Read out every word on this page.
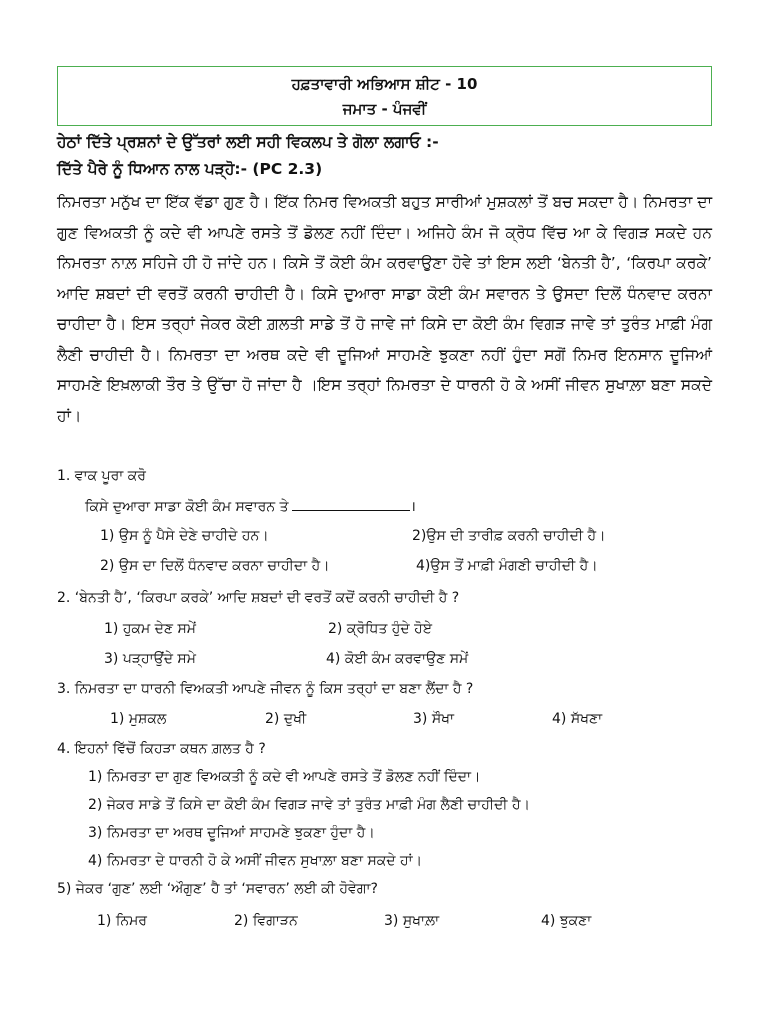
ਹਫ਼ਤਾਵਾਰੀ ਅਭਿਆਸ ਸ਼ੀਟ - 10
ਜਮਾਤ - ਪੰਜਵੀਂ
ਹੇਠਾਂ ਦਿੱਤੇ ਪ੍ਰਸ਼ਨਾਂ ਦੇ ਉੱਤਰਾਂ ਲਈ ਸਹੀ ਵਿਕਲਪ ਤੇ ਗੋਲਾ ਲਗਾਓ :-
ਦਿੱਤੇ ਪੈਰੇ ਨੂੰ ਧਿਆਨ ਨਾਲ ਪੜ੍ਹੋ:- (PC 2.3)
ਨਿਮਰਤਾ ਮਨੁੱਖ ਦਾ ਇੱਕ ਵੱਡਾ ਗੁਣ ਹੈ। ਇੱਕ ਨਿਮਰ ਵਿਅਕਤੀ ਬਹੁਤ ਸਾਰੀਆਂ ਮੁਸ਼ਕਲਾਂ ਤੋਂ ਬਚ ਸਕਦਾ ਹੈ। ਨਿਮਰਤਾ ਦਾ ਗੁਣ ਵਿਅਕਤੀ ਨੂੰ ਕਦੇ ਵੀ ਆਪਣੇ ਰਸਤੇ ਤੋਂ ਡੋਲਣ ਨਹੀਂ ਦਿੰਦਾ। ਅਜਿਹੇ ਕੰਮ ਜੋ ਕ੍ਰੋਧ ਵਿੱਚ ਆ ਕੇ ਵਿਗੜ ਸਕਦੇ ਹਨ ਨਿਮਰਤਾ ਨਾਲ਼ ਸਹਿਜੇ ਹੀ ਹੋ ਜਾਂਦੇ ਹਨ। ਕਿਸੇ ਤੋਂ ਕੋਈ ਕੰਮ ਕਰਵਾਉਣਾ ਹੋਵੇ ਤਾਂ ਇਸ ਲਈ ‘ਬੇਨਤੀ ਹੈ’, ‘ਕਿਰਪਾ ਕਰਕੇ’ ਆਦਿ ਸ਼ਬਦਾਂ ਦੀ ਵਰਤੋਂ ਕਰਨੀ ਚਾਹੀਦੀ ਹੈ। ਕਿਸੇ ਦੁਆਰਾ ਸਾਡਾ ਕੋਈ ਕੰਮ ਸਵਾਰਨ ਤੇ ਉਸਦਾ ਦਿਲੋਂ ਧੰਨਵਾਦ ਕਰਨਾ ਚਾਹੀਦਾ ਹੈ। ਇਸ ਤਰ੍ਹਾਂ ਜੇਕਰ ਕੋਈ ਗ਼ਲਤੀ ਸਾਡੇ ਤੋਂ ਹੋ ਜਾਵੇ ਜਾਂ ਕਿਸੇ ਦਾ ਕੋਈ ਕੰਮ ਵਿਗੜ ਜਾਵੇ ਤਾਂ ਤੁਰੰਤ ਮਾਫ਼ੀ ਮੰਗ ਲੈਣੀ ਚਾਹੀਦੀ ਹੈ। ਨਿਮਰਤਾ ਦਾ ਅਰਥ ਕਦੇ ਵੀ ਦੂਜਿਆਂ ਸਾਹਮਣੇ ਝੁਕਣਾ ਨਹੀਂ ਹੁੰਦਾ ਸਗੋਂ ਨਿਮਰ ਇਨਸਾਨ ਦੂਜਿਆਂ ਸਾਹਮਣੇ ਇਖ਼ਲਾਕੀ ਤੌਰ ਤੇ ਉੱਚਾ ਹੋ ਜਾਂਦਾ ਹੈ ।ਇਸ ਤਰ੍ਹਾਂ ਨਿਮਰਤਾ ਦੇ ਧਾਰਨੀ ਹੋ ਕੇ ਅਸੀਂ ਜੀਵਨ ਸੁਖਾਲ਼ਾ ਬਣਾ ਸਕਦੇ ਹਾਂ।
1. ਵਾਕ ਪੂਰਾ ਕਰੋ
ਕਿਸੇ ਦੁਆਰਾ ਸਾਡਾ ਕੋਈ ਕੰਮ ਸਵਾਰਨ ਤੇ	।
1) ਉਸ ਨੂੰ ਪੈਸੇ ਦੇਣੇ ਚਾਹੀਦੇ ਹਨ।	2)ਉਸ ਦੀ ਤਾਰੀਫ਼ ਕਰਨੀ ਚਾਹੀਦੀ ਹੈ।
2) ਉਸ ਦਾ ਦਿਲੋਂ ਧੰਨਵਾਦ ਕਰਨਾ ਚਾਹੀਦਾ ਹੈ।	4)ਉਸ ਤੋਂ ਮਾਫ਼ੀ ਮੰਗਣੀ ਚਾਹੀਦੀ ਹੈ।
2. ‘ਬੇਨਤੀ ਹੈ’, ‘ਕਿਰਪਾ ਕਰਕੇ’ ਆਦਿ ਸ਼ਬਦਾਂ ਦੀ ਵਰਤੋਂ ਕਦੋਂ ਕਰਨੀ ਚਾਹੀਦੀ ਹੈ ?
1) ਹੁਕਮ ਦੇਣ ਸਮੇਂ	2) ਕ੍ਰੋਧਿਤ ਹੁੰਦੇ ਹੋਏ
3) ਪੜ੍ਹਾਉਂਦੇ ਸਮੇ	4) ਕੋਈ ਕੰਮ ਕਰਵਾਉਣ ਸਮੇਂ
3. ਨਿਮਰਤਾ ਦਾ ਧਾਰਨੀ ਵਿਅਕਤੀ ਆਪਣੇ ਜੀਵਨ ਨੂੰ ਕਿਸ ਤਰ੍ਹਾਂ ਦਾ ਬਣਾ ਲੈਂਦਾ ਹੈ ?
1) ਮੁਸ਼ਕਲ	2) ਦੁਖੀ	3) ਸੌਖਾ	4) ਸੱਖਣਾ
4. ਇਹਨਾਂ ਵਿੱਚੋਂ ਕਿਹੜਾ ਕਥਨ ਗ਼ਲਤ ਹੈ ?
1) ਨਿਮਰਤਾ ਦਾ ਗੁਣ ਵਿਅਕਤੀ ਨੂੰ ਕਦੇ ਵੀ ਆਪਣੇ ਰਸਤੇ ਤੋਂ ਡੋਲਣ ਨਹੀਂ ਦਿੰਦਾ।
2) ਜੇਕਰ ਸਾਡੇ ਤੋਂ ਕਿਸੇ ਦਾ ਕੋਈ ਕੰਮ ਵਿਗੜ ਜਾਵੇ ਤਾਂ ਤੁਰੰਤ ਮਾਫ਼ੀ ਮੰਗ ਲੈਣੀ ਚਾਹੀਦੀ ਹੈ।
3) ਨਿਮਰਤਾ ਦਾ ਅਰਥ ਦੂਜਿਆਂ ਸਾਹਮਣੇ ਝੁਕਣਾ ਹੁੰਦਾ ਹੈ।
4) ਨਿਮਰਤਾ ਦੇ ਧਾਰਨੀ ਹੋ ਕੇ ਅਸੀਂ ਜੀਵਨ ਸੁਖਾਲ਼ਾ ਬਣਾ ਸਕਦੇ ਹਾਂ।
5) ਜੇਕਰ ‘ਗੁਣ’ ਲਈ ‘ਔਗੁਣ’ ਹੈ ਤਾਂ ‘ਸਵਾਰਨ’ ਲਈ ਕੀ ਹੋਵੇਗਾ?
1) ਨਿਮਰ	2) ਵਿਗਾੜਨ	3) ਸੁਖਾਲ਼ਾ	4) ਝੁਕਣਾ
